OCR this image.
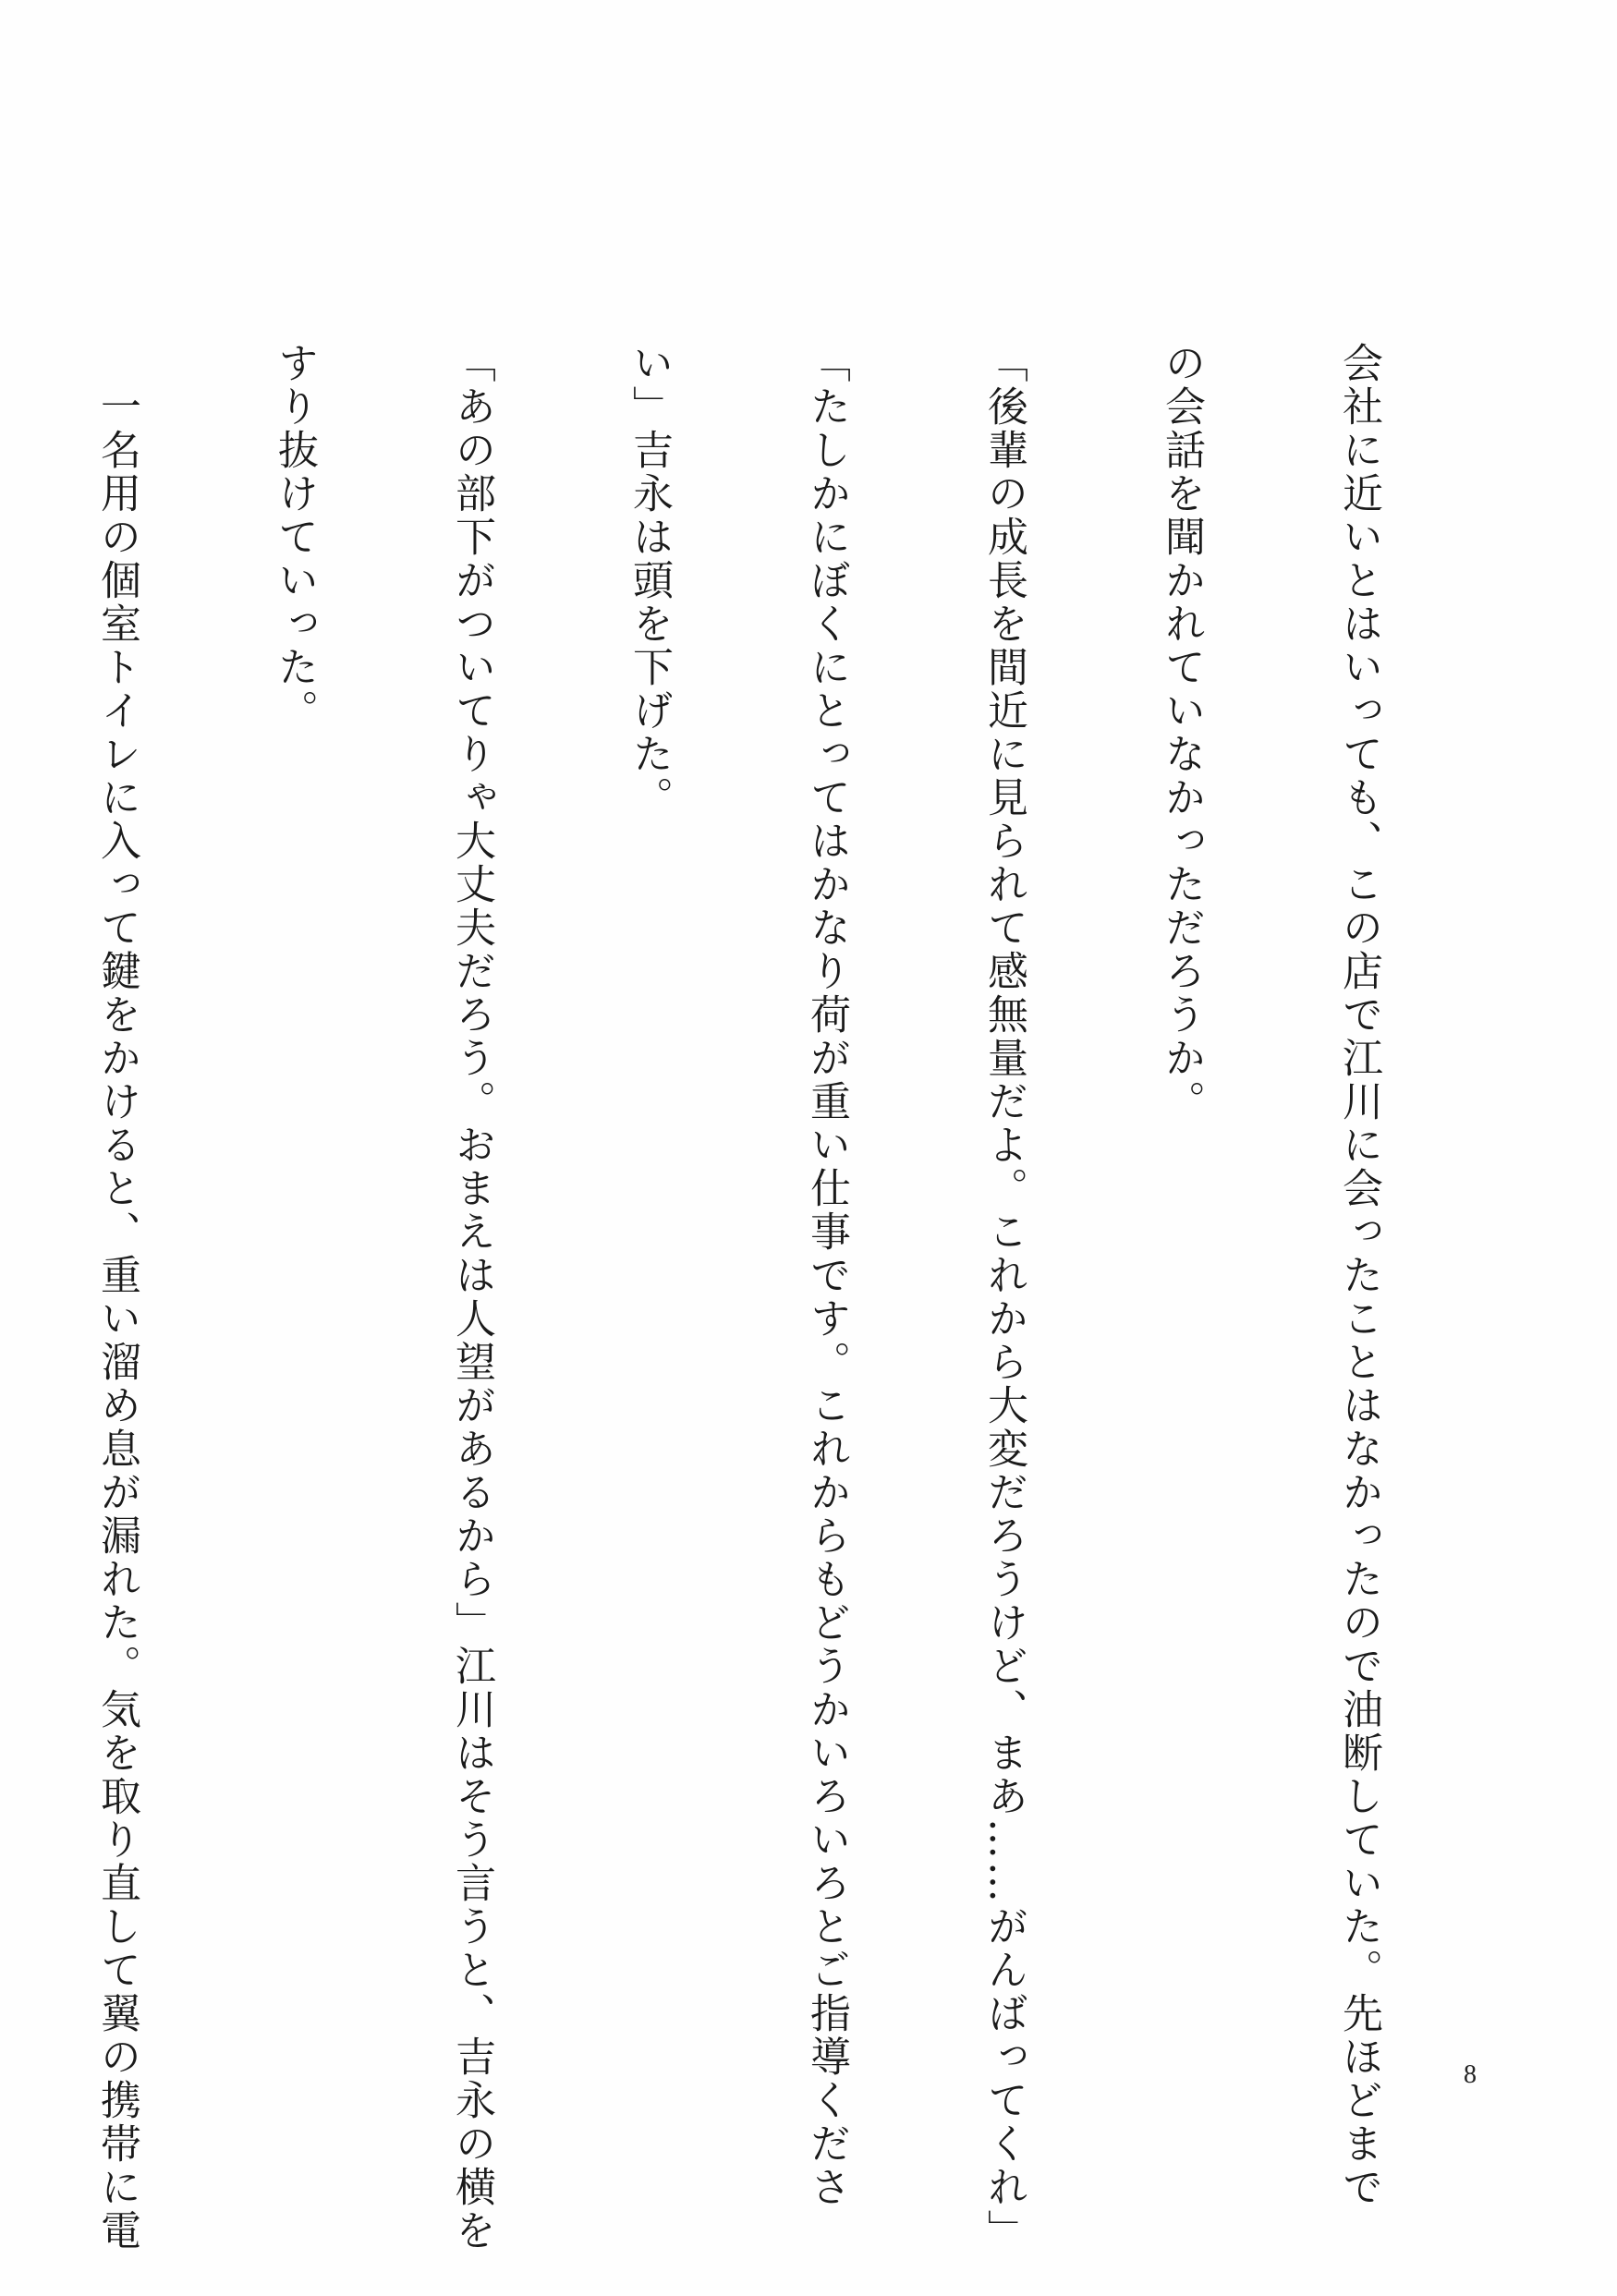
会社に近いとはいっても、この店で江川に会ったことはなかったので油断していた。先ほどまで

の会話を聞かれていなかっただろうか。

「後輩の成長を間近に見られて感無量だよ。これから大変だろうけど、まあ……がんばってくれ」

「たしかにぼくにとってはかなり荷が重い仕事です。これからもどうかいろいろとご指導くださ

い」吉永は頭を下げた。

「あの部下がついてりゃ大丈夫だろう。おまえは人望があるから」江川はそう言うと、吉永の横を

すり抜けていった。

　一名用の個室トイレに入って鍵をかけると、重い溜め息が漏れた。気を取り直して翼の携帯に電

	8
